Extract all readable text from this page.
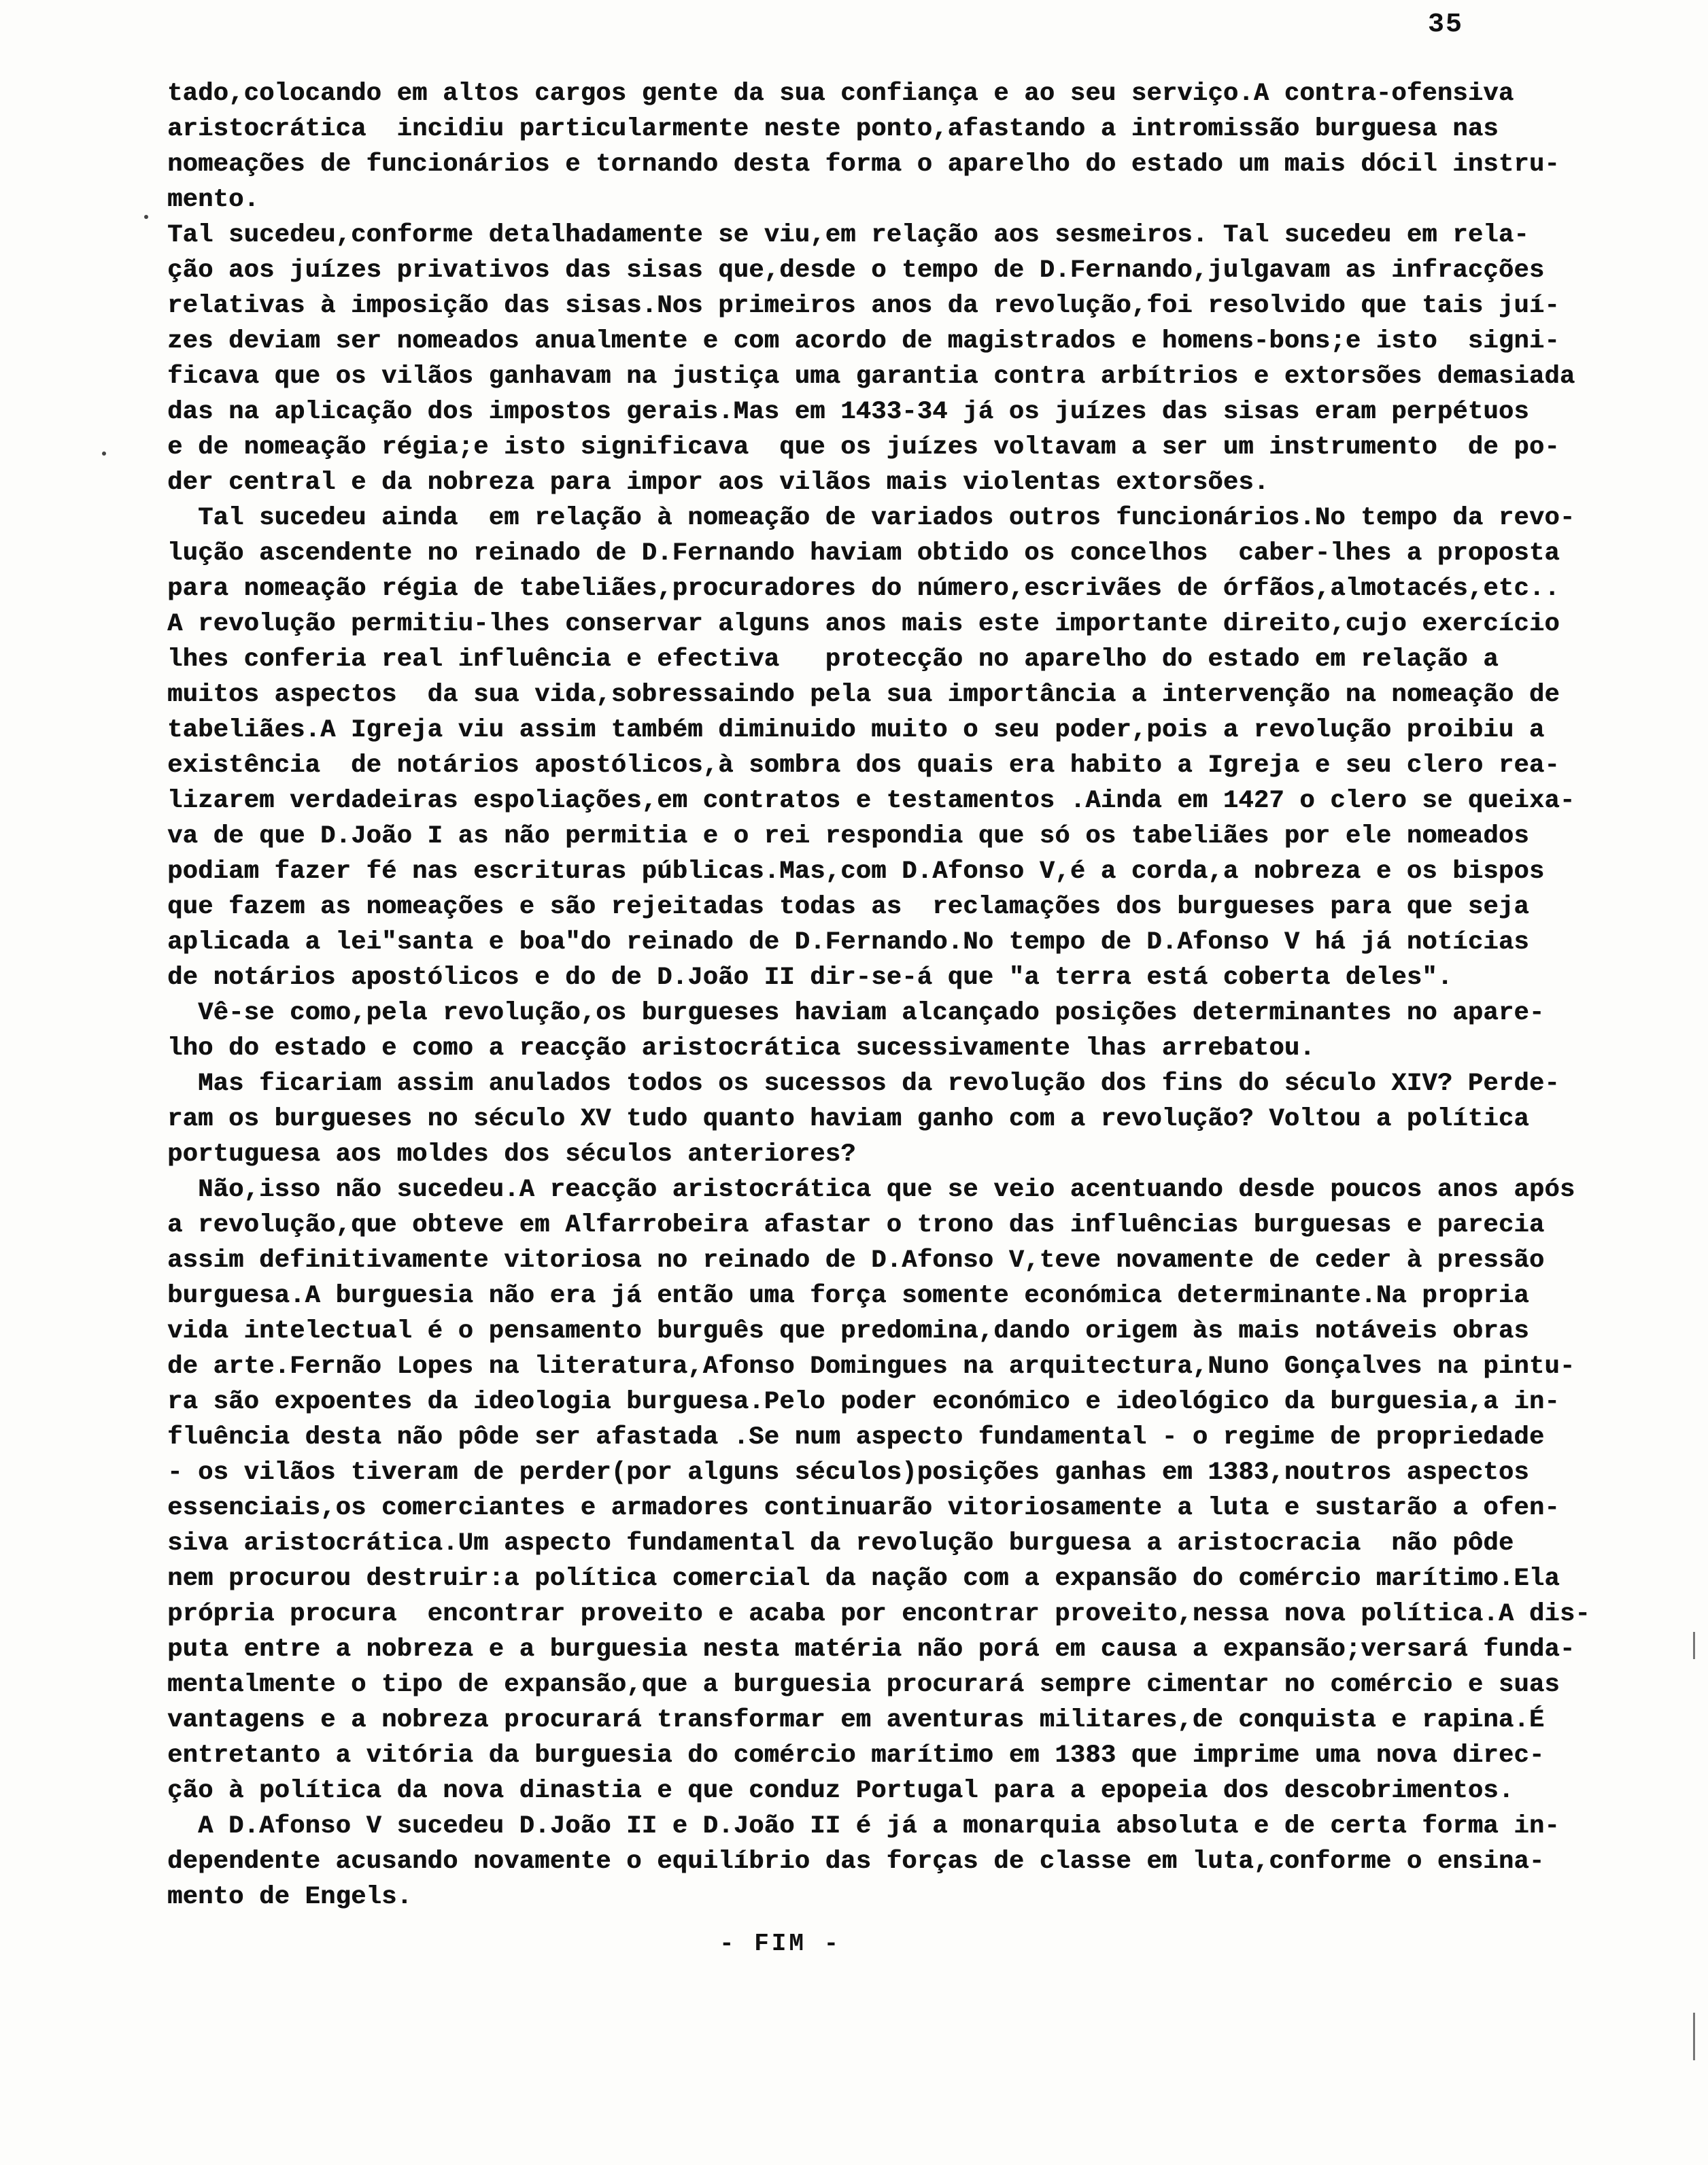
35
tado,colocando em altos cargos gente da sua confiança e ao seu serviço.A contra-ofensiva
aristocrática  incidiu particularmente neste ponto,afastando a intromissão burguesa nas
nomeações de funcionários e tornando desta forma o aparelho do estado um mais dócil instru-
mento.
Tal sucedeu,conforme detalhadamente se viu,em relação aos sesmeiros. Tal sucedeu em rela-
ção aos juízes privativos das sisas que,desde o tempo de D.Fernando,julgavam as infracções
relativas à imposição das sisas.Nos primeiros anos da revolução,foi resolvido que tais juí-
zes deviam ser nomeados anualmente e com acordo de magistrados e homens-bons;e isto  signi-
ficava que os vilãos ganhavam na justiça uma garantia contra arbítrios e extorsões demasiada
das na aplicação dos impostos gerais.Mas em 1433-34 já os juízes das sisas eram perpétuos
e de nomeação régia;e isto significava  que os juízes voltavam a ser um instrumento  de po-
der central e da nobreza para impor aos vilãos mais violentas extorsões.
Tal sucedeu ainda  em relação à nomeação de variados outros funcionários.No tempo da revo-
lução ascendente no reinado de D.Fernando haviam obtido os concelhos  caber-lhes a proposta
para nomeação régia de tabeliães,procuradores do número,escrivães de órfãos,almotacés,etc..
A revolução permitiu-lhes conservar alguns anos mais este importante direito,cujo exercício
lhes conferia real influência e efectiva   protecção no aparelho do estado em relação a
muitos aspectos  da sua vida,sobressaindo pela sua importância a intervenção na nomeação de
tabeliães.A Igreja viu assim também diminuido muito o seu poder,pois a revolução proibiu a
existência  de notários apostólicos,à sombra dos quais era habito a Igreja e seu clero rea-
lizarem verdadeiras espoliações,em contratos e testamentos .Ainda em 1427 o clero se queixa-
va de que D.João I as não permitia e o rei respondia que só os tabeliães por ele nomeados
podiam fazer fé nas escrituras públicas.Mas,com D.Afonso V,é a corda,a nobreza e os bispos
que fazem as nomeações e são rejeitadas todas as  reclamações dos burgueses para que seja
aplicada a lei"santa e boa"do reinado de D.Fernando.No tempo de D.Afonso V há já notícias
de notários apostólicos e do de D.João II dir-se-á que "a terra está coberta deles".
Vê-se como,pela revolução,os burgueses haviam alcançado posições determinantes no apare-
lho do estado e como a reacção aristocrática sucessivamente lhas arrebatou.
Mas ficariam assim anulados todos os sucessos da revolução dos fins do século XIV? Perde-
ram os burgueses no século XV tudo quanto haviam ganho com a revolução? Voltou a política
portuguesa aos moldes dos séculos anteriores?
Não,isso não sucedeu.A reacção aristocrática que se veio acentuando desde poucos anos após
a revolução,que obteve em Alfarrobeira afastar o trono das influências burguesas e parecia
assim definitivamente vitoriosa no reinado de D.Afonso V,teve novamente de ceder à pressão
burguesa.A burguesia não era já então uma força somente económica determinante.Na propria
vida intelectual é o pensamento burguês que predomina,dando origem às mais notáveis obras
de arte.Fernão Lopes na literatura,Afonso Domingues na arquitectura,Nuno Gonçalves na pintu-
ra são expoentes da ideologia burguesa.Pelo poder económico e ideológico da burguesia,a in-
fluência desta não pôde ser afastada .Se num aspecto fundamental - o regime de propriedade
- os vilãos tiveram de perder(por alguns séculos)posições ganhas em 1383,noutros aspectos
essenciais,os comerciantes e armadores continuarão vitoriosamente a luta e sustarão a ofen-
siva aristocrática.Um aspecto fundamental da revolução burguesa a aristocracia  não pôde
nem procurou destruir:a política comercial da nação com a expansão do comércio marítimo.Ela
própria procura  encontrar proveito e acaba por encontrar proveito,nessa nova política.A dis-
puta entre a nobreza e a burguesia nesta matéria não porá em causa a expansão;versará funda-
mentalmente o tipo de expansão,que a burguesia procurará sempre cimentar no comércio e suas
vantagens e a nobreza procurará transformar em aventuras militares,de conquista e rapina.É
entretanto a vitória da burguesia do comércio marítimo em 1383 que imprime uma nova direc-
ção à política da nova dinastia e que conduz Portugal para a epopeia dos descobrimentos.
A D.Afonso V sucedeu D.João II e D.João II é já a monarquia absoluta e de certa forma in-
dependente acusando novamente o equilíbrio das forças de classe em luta,conforme o ensina-
mento de Engels.
- FIM -
